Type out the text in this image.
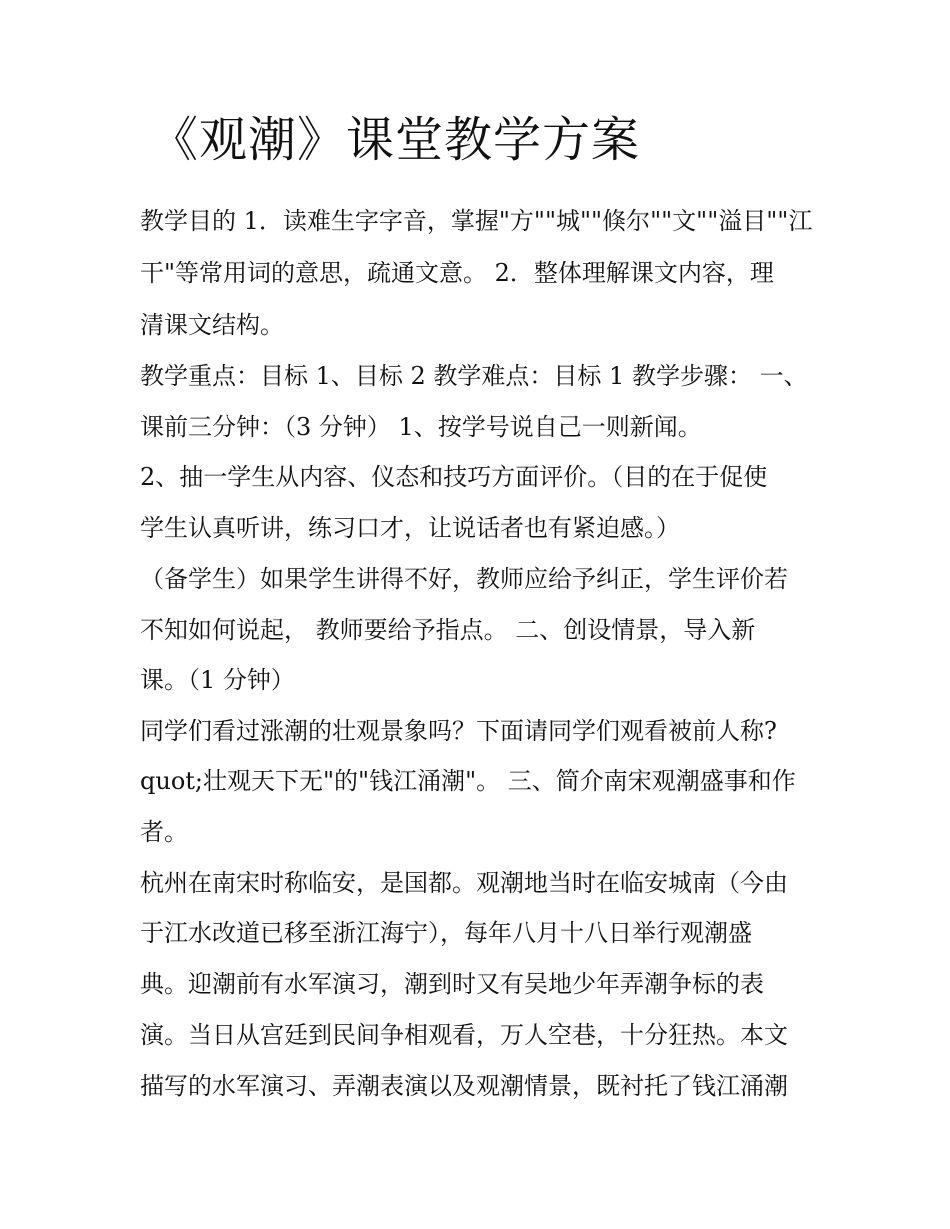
《观潮》课堂教学方案

教学目的 1．读难生字字音，掌握"方""城""倏尔""文""溢目""江

干"等常用词的意思，疏通文意。 2．整体理解课文内容，理

清课文结构。

教学重点：目标 1、目标 2 教学难点：目标 1 教学步骤： 一、

课前三分钟：（3 分钟） 1、按学号说自己一则新闻。

2、抽一学生从内容、仪态和技巧方面评价。（目的在于促使

学生认真听讲，练习口才，让说话者也有紧迫感。）

（备学生）如果学生讲得不好，教师应给予纠正，学生评价若

不知如何说起， 教师要给予指点。 二、创设情景，导入新

课。（1 分钟）

同学们看过涨潮的壮观景象吗？下面请同学们观看被前人称?

quot;壮观天下无"的"钱江涌潮"。 三、简介南宋观潮盛事和作

者。

杭州在南宋时称临安，是国都。观潮地当时在临安城南（今由

于江水改道已移至浙江海宁），每年八月十八日举行观潮盛

典。迎潮前有水军演习，潮到时又有吴地少年弄潮争标的表

演。当日从宫廷到民间争相观看，万人空巷，十分狂热。本文

描写的水军演习、弄潮表演以及观潮情景，既衬托了钱江涌潮
